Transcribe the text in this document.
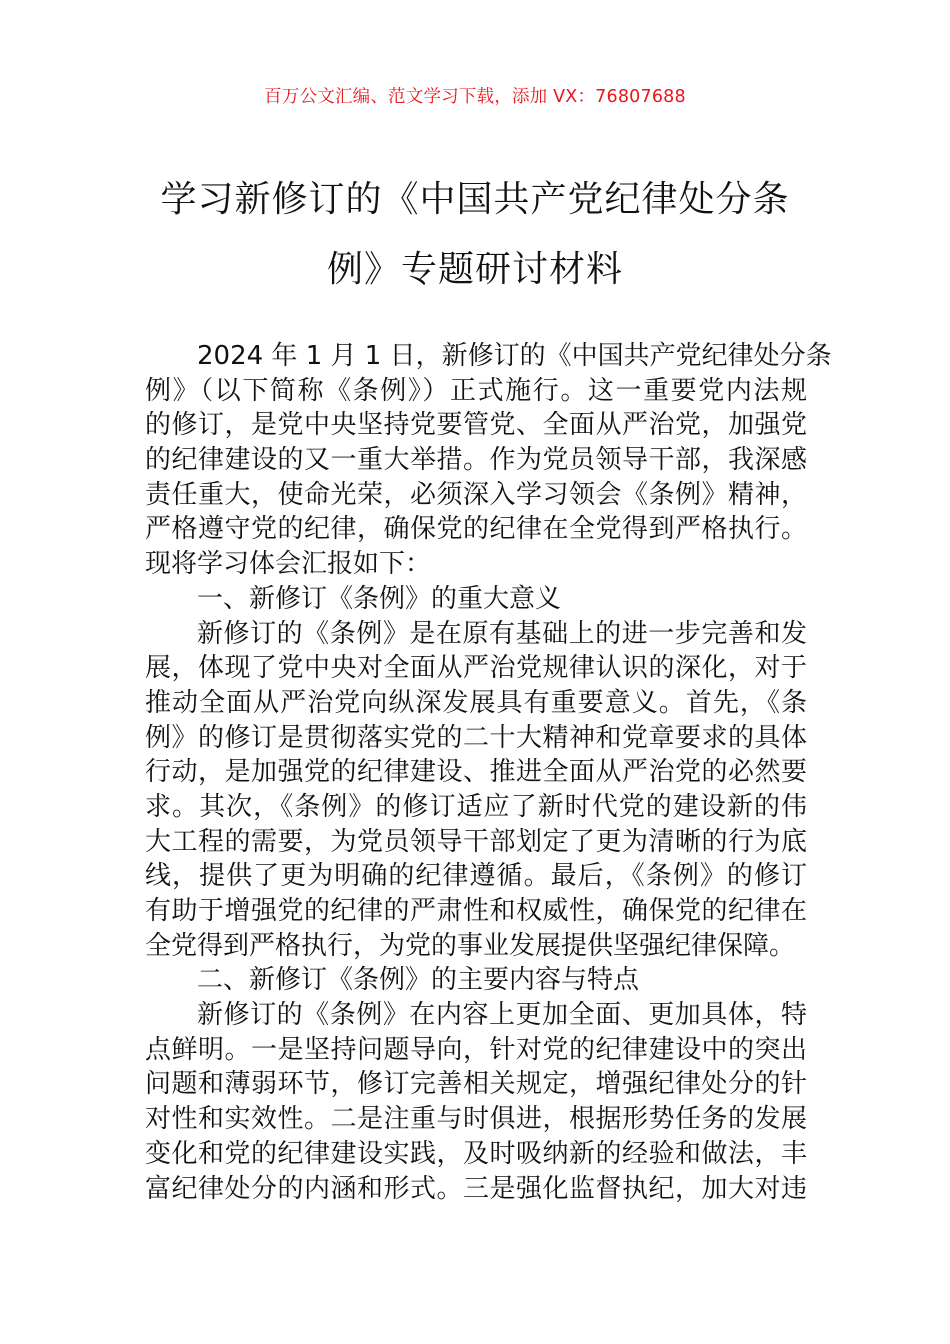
百万公文汇编、范文学习下载，添加 VX：76807688
学习新修订的《中国共产党纪律处分条
例》专题研讨材料
2024 年 1 月 1 日，新修订的《中国共产党纪律处分条
例》（以下简称《条例》）正式施行。这一重要党内法规
的修订，是党中央坚持党要管党、全面从严治党，加强党
的纪律建设的又一重大举措。作为党员领导干部，我深感
责任重大，使命光荣，必须深入学习领会《条例》精神，
严格遵守党的纪律，确保党的纪律在全党得到严格执行。
现将学习体会汇报如下：
一、新修订《条例》的重大意义
新修订的《条例》是在原有基础上的进一步完善和发
展，体现了党中央对全面从严治党规律认识的深化，对于
推动全面从严治党向纵深发展具有重要意义。首先，《条
例》的修订是贯彻落实党的二十大精神和党章要求的具体
行动，是加强党的纪律建设、推进全面从严治党的必然要
求。其次，《条例》的修订适应了新时代党的建设新的伟
大工程的需要，为党员领导干部划定了更为清晰的行为底
线，提供了更为明确的纪律遵循。最后，《条例》的修订
有助于增强党的纪律的严肃性和权威性，确保党的纪律在
全党得到严格执行，为党的事业发展提供坚强纪律保障。
二、新修订《条例》的主要内容与特点
新修订的《条例》在内容上更加全面、更加具体，特
点鲜明。一是坚持问题导向，针对党的纪律建设中的突出
问题和薄弱环节，修订完善相关规定，增强纪律处分的针
对性和实效性。二是注重与时俱进，根据形势任务的发展
变化和党的纪律建设实践，及时吸纳新的经验和做法，丰
富纪律处分的内涵和形式。三是强化监督执纪，加大对违
